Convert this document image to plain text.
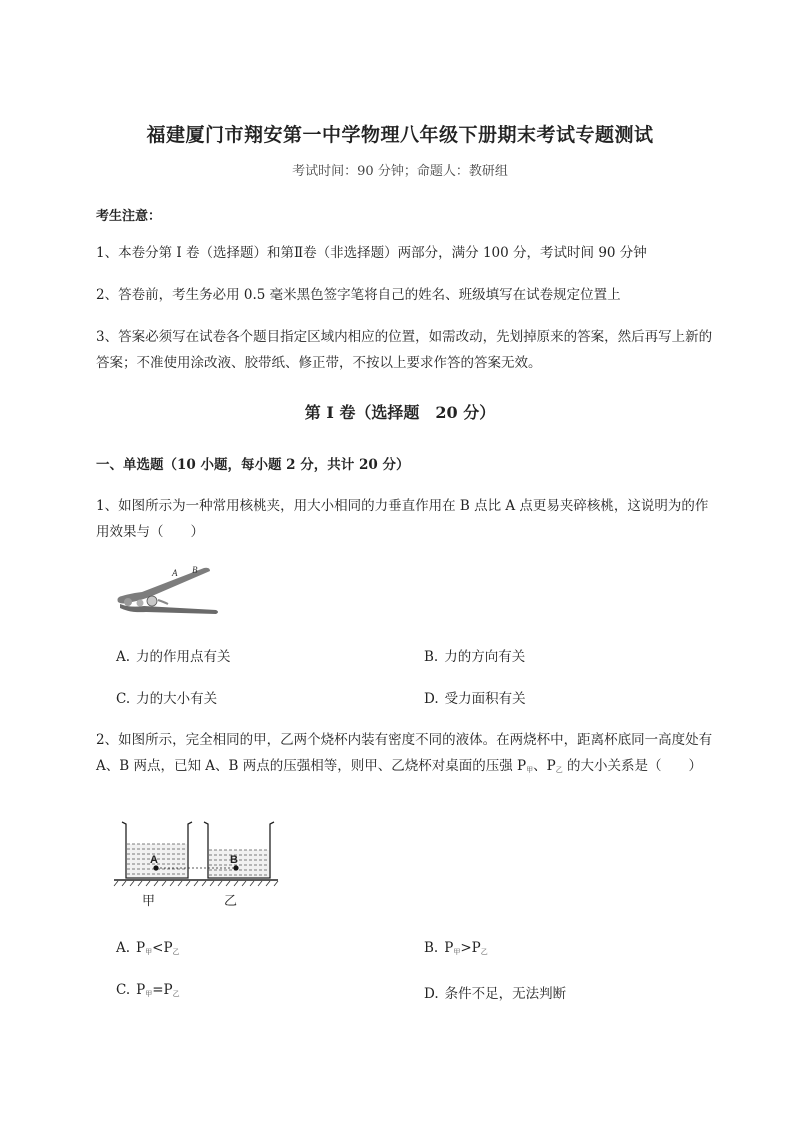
福建厦门市翔安第一中学物理八年级下册期末考试专题测试
考试时间：90 分钟；命题人：教研组
考生注意：
1、本卷分第 I 卷（选择题）和第Ⅱ卷（非选择题）两部分，满分 100 分，考试时间 90 分钟
2、答卷前，考生务必用 0.5 毫米黑色签字笔将自己的姓名、班级填写在试卷规定位置上
3、答案必须写在试卷各个题目指定区域内相应的位置，如需改动，先划掉原来的答案，然后再写上新的答案；不准使用涂改液、胶带纸、修正带，不按以上要求作答的答案无效。
第 I 卷（选择题　20 分）
一、单选题（10 小题，每小题 2 分，共计 20 分）
1、如图所示为一种常用核桃夹，用大小相同的力垂直作用在 B 点比 A 点更易夹碎核桃，这说明为的作用效果与（　　）
A B
A. 力的作用点有关	B. 力的方向有关
C. 力的大小有关	D. 受力面积有关
2、如图所示，完全相同的甲，乙两个烧杯内装有密度不同的液体。在两烧杯中，距离杯底同一高度处有 A、B 两点，已知 A、B 两点的压强相等，则甲、乙烧杯对桌面的压强 $P_甲$、$P_乙$ 的大小关系是（　　）
A	B
甲	乙
A. $P_甲<P_乙$	B. $P_甲>P_乙$
C. $P_甲=P_乙$	D. 条件不足，无法判断
